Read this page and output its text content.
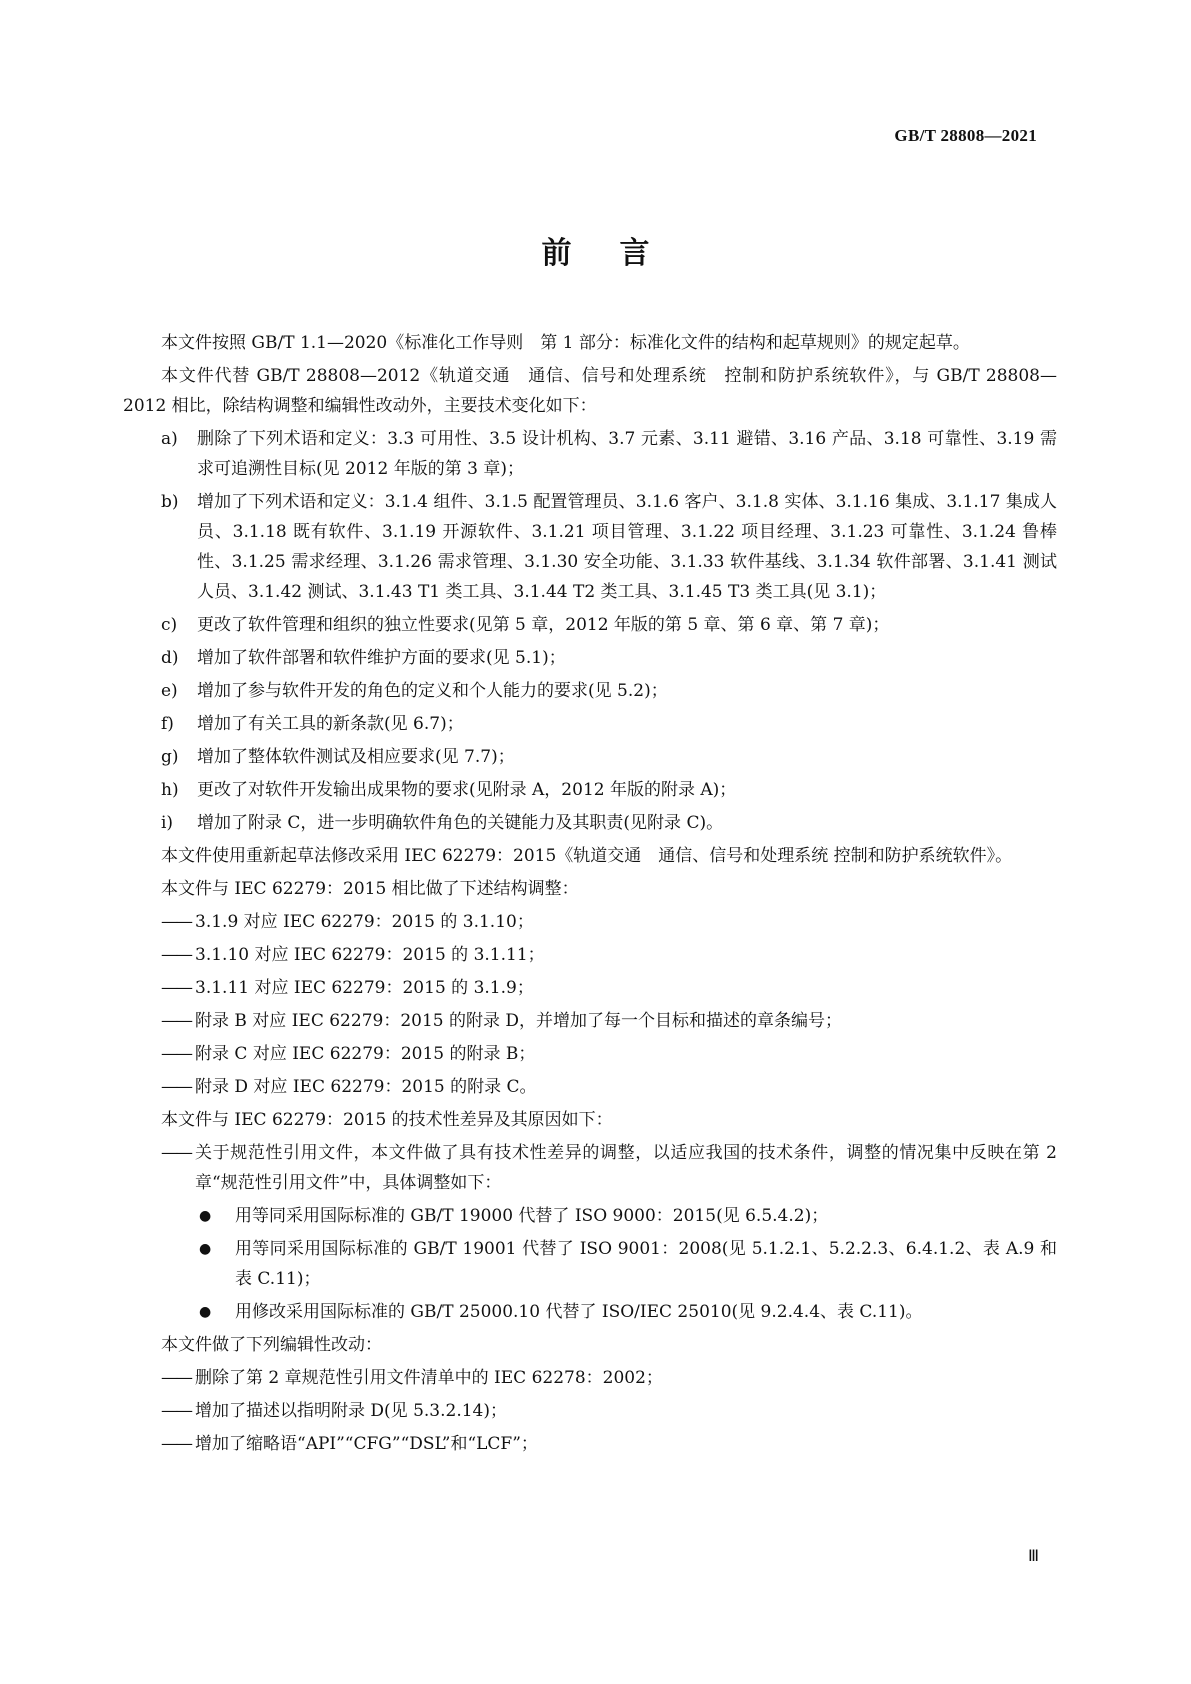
GB/T 28808—2021
前言

本文件按照 GB/T 1.1—2020《标准化工作导则　第 1 部分：标准化文件的结构和起草规则》的规定起草。

本文件代替 GB/T 28808—2012《轨道交通　通信、信号和处理系统　控制和防护系统软件》，与 GB/T 28808—2012 相比，除结构调整和编辑性改动外，主要技术变化如下：

a)	删除了下列术语和定义：3.3 可用性、3.5 设计机构、3.7 元素、3.11 避错、3.16 产品、3.18 可靠性、3.19 需求可追溯性目标(见 2012 年版的第 3 章)；
b)	增加了下列术语和定义：3.1.4 组件、3.1.5 配置管理员、3.1.6 客户、3.1.8 实体、3.1.16 集成、3.1.17 集成人员、3.1.18 既有软件、3.1.19 开源软件、3.1.21 项目管理、3.1.22 项目经理、3.1.23 可靠性、3.1.24 鲁棒性、3.1.25 需求经理、3.1.26 需求管理、3.1.30 安全功能、3.1.33 软件基线、3.1.34 软件部署、3.1.41 测试人员、3.1.42 测试、3.1.43 T1 类工具、3.1.44 T2 类工具、3.1.45 T3 类工具(见 3.1)；
c)	更改了软件管理和组织的独立性要求(见第 5 章，2012 年版的第 5 章、第 6 章、第 7 章)；
d)	增加了软件部署和软件维护方面的要求(见 5.1)；
e)	增加了参与软件开发的角色的定义和个人能力的要求(见 5.2)；
f)	增加了有关工具的新条款(见 6.7)；
g)	增加了整体软件测试及相应要求(见 7.7)；
h)	更改了对软件开发输出成果物的要求(见附录 A，2012 年版的附录 A)；
i)	增加了附录 C，进一步明确软件角色的关键能力及其职责(见附录 C)。

本文件使用重新起草法修改采用 IEC 62279：2015《轨道交通　通信、信号和处理系统 控制和防护系统软件》。

本文件与 IEC 62279：2015 相比做了下述结构调整：

—— 3.1.9 对应 IEC 62279：2015 的 3.1.10；
—— 3.1.10 对应 IEC 62279：2015 的 3.1.11；
—— 3.1.11 对应 IEC 62279：2015 的 3.1.9；
—— 附录 B 对应 IEC 62279：2015 的附录 D，并增加了每一个目标和描述的章条编号；
—— 附录 C 对应 IEC 62279：2015 的附录 B；
—— 附录 D 对应 IEC 62279：2015 的附录 C。

本文件与 IEC 62279：2015 的技术性差异及其原因如下：

—— 关于规范性引用文件，本文件做了具有技术性差异的调整，以适应我国的技术条件，调整的情况集中反映在第 2 章“规范性引用文件”中，具体调整如下：
●	用等同采用国际标准的 GB/T 19000 代替了 ISO 9000：2015(见 6.5.4.2)；
●	用等同采用国际标准的 GB/T 19001 代替了 ISO 9001：2008(见 5.1.2.1、5.2.2.3、6.4.1.2、表 A.9 和表 C.11)；
●	用修改采用国际标准的 GB/T 25000.10 代替了 ISO/IEC 25010(见 9.2.4.4、表 C.11)。

本文件做了下列编辑性改动：

—— 删除了第 2 章规范性引用文件清单中的 IEC 62278：2002；
—— 增加了描述以指明附录 D(见 5.3.2.14)；
—— 增加了缩略语“API”“CFG”“DSL”和“LCF”；
Ⅲ
